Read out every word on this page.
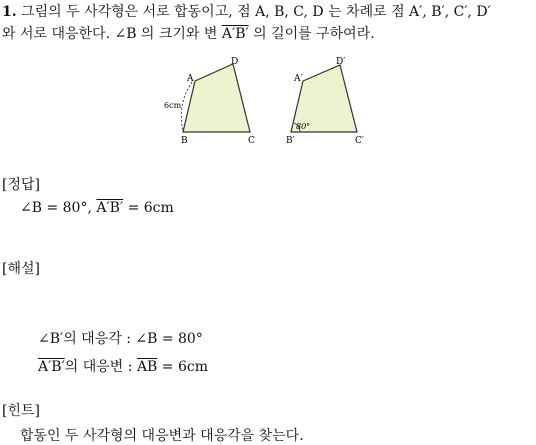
1. 그림의 두 사각형은 서로 합동이고, 점 A, B, C, D 는 차례로 점 A′, B′, C′, D′
와 서로 대응한다. ∠B 의 크기와 변 A′B′ 의 길이를 구하여라.
A
D
B	C
6cm
A′
D′
B′	C′
80°
[정답]
∠B = 80°, A′B′ = 6cm
[해설]
∠B′의 대응각 : ∠B = 80°
A′B′의 대응변 : $\overline{AB} = 6cm$
[힌트]
합동인 두 사각형의 대응변과 대응각을 찾는다.
